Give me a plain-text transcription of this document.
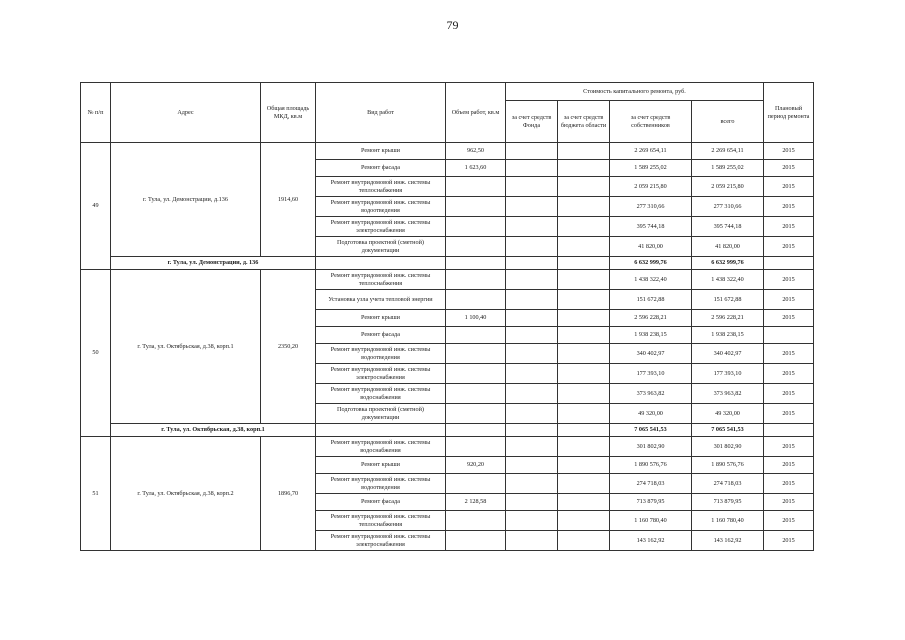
79
№ п/п	Адрес	Общая площадь МКД, кв.м	Вид работ	Объем работ, кв.м	Стоимость капитального ремонта, руб.				Плановый период ремонта
					за счет средств Фонда	за счет средств бюджета области	за счет средств собственников	всего	
49	г. Тула, ул. Демонстрации, д.136	1914,60	Ремонт крыши	962,50			2 269 654,11	2 269 654,11	2015
			Ремонт фасада	1 623,60			1 589 255,02	1 589 255,02	2015
			Ремонт внутридомовой инж. системы теплоснабжения				2 059 215,80	2 059 215,80	2015
			Ремонт внутридомовой инж. системы водоотведения				277 310,66	277 310,66	2015
			Ремонт внутридомовой инж. системы электроснабжения				395 744,18	395 744,18	2015
			Подготовка проектной (сметной) документации				41 820,00	41 820,00	2015
	г. Тула, ул. Демонстрации, д. 136						6 632 999,76	6 632 999,76	
50	г. Тула, ул. Октябрьская, д.38, корп.1	2350,20	Ремонт внутридомовой инж. системы теплоснабжения				1 438 322,40	1 438 322,40	2015
			Установка узла учета тепловой энергии				151 672,88	151 672,88	2015
			Ремонт крыши	1 100,40			2 596 228,21	2 596 228,21	2015
			Ремонт фасада				1 938 238,15	1 938 238,15	
			Ремонт внутридомовой инж. системы водоотведения				340 402,97	340 402,97	2015
			Ремонт внутридомовой инж. системы электроснабжения				177 393,10	177 393,10	2015
			Ремонт внутридомовой инж. системы водоснабжения				373 963,82	373 963,82	2015
			Подготовка проектной (сметной) документации				49 320,00	49 320,00	2015
	г. Тула, ул. Октябрьская, д.38, корп.1						7 065 541,53	7 065 541,53	
51	г. Тула, ул. Октябрьская, д.38, корп.2	1896,70	Ремонт внутридомовой инж. системы водоснабжения				301 802,90	301 802,90	2015
			Ремонт крыши	920,20			1 890 576,76	1 890 576,76	2015
			Ремонт внутридомовой инж. системы водоотведения				274 718,03	274 718,03	2015
			Ремонт фасада	2 128,58			713 879,95	713 879,95	2015
			Ремонт внутридомовой инж. системы теплоснабжения				1 160 780,40	1 160 780,40	2015
			Ремонт внутридомовой инж. системы электроснабжения				143 162,92	143 162,92	2015
